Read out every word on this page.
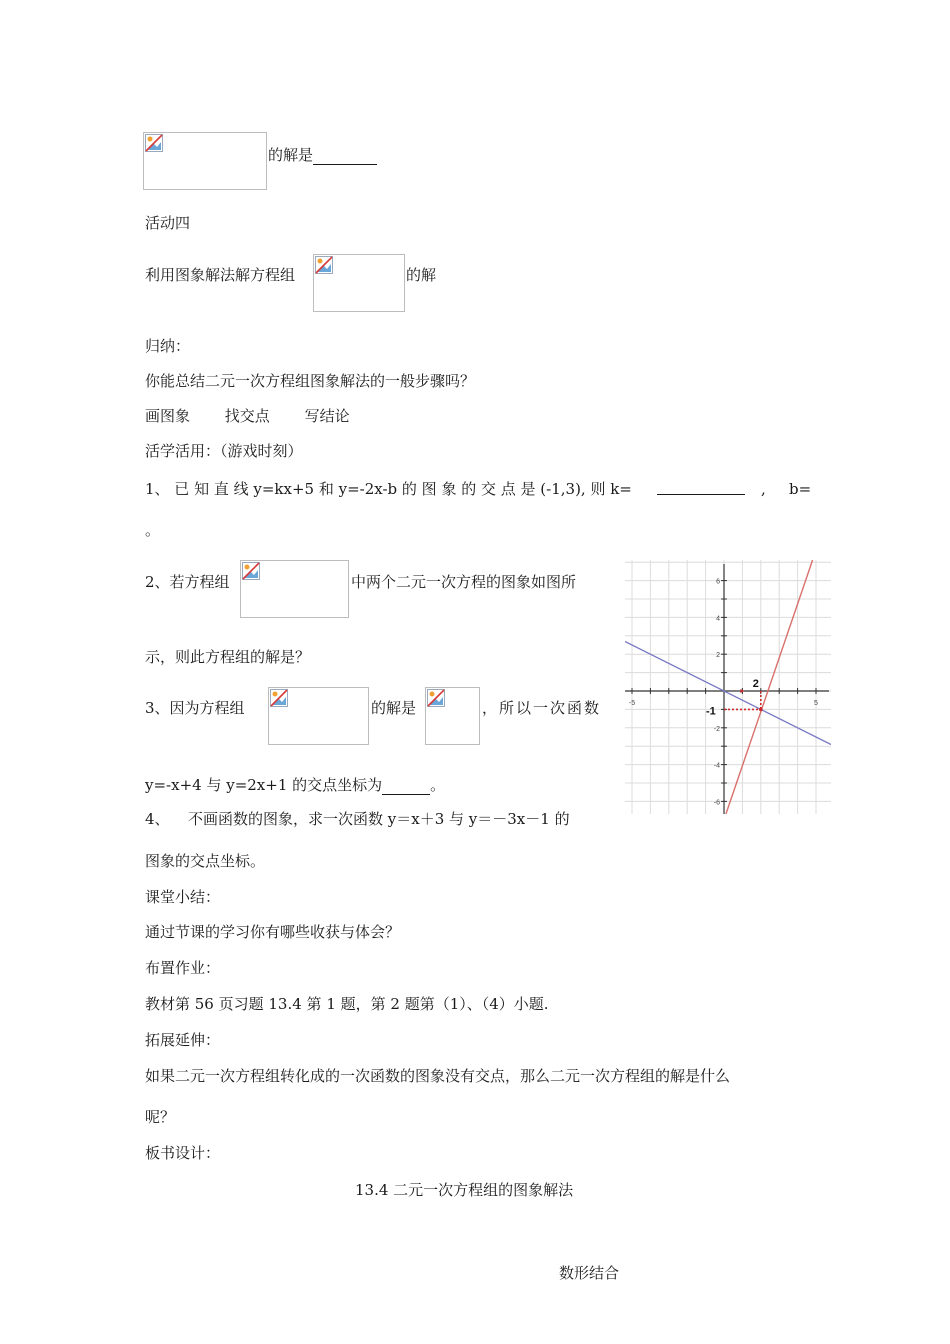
的解是
活动四
利用图象解法解方程组	的解
归纳：
你能总结二元一次方程组图象解法的一般步骤吗？
画图象 找交点 写结论
活学活用：（游戏时刻）
1、 已 知 直 线 y=kx+5 和 y=-2x-b 的 图 象 的 交 点 是 (-1,3), 则 k=	, b=
。
2、若方程组	中两个二元一次方程的图象如图所
示，则此方程组的解是？
3、因为方程组	的解是	，所以一次函数
y=-x+4 与 y=2x+1 的交点坐标为	。
4、 不画函数的图象，求一次函数 y＝x＋3 与 y＝－3x－1 的
图象的交点坐标。
课堂小结：
通过节课的学习你有哪些收获与体会？
布置作业：
教材第 56 页习题 13.4 第 1 题，第 2 题第（1）、（4）小题.
拓展延伸：
如果二元一次方程组转化成的一次函数的图象没有交点，那么二元一次方程组的解是什么
呢？
板书设计：
13.4 二元一次方程组的图象解法
数形结合
-5	5
6
4
2
-2
-4
-6
2
-1
